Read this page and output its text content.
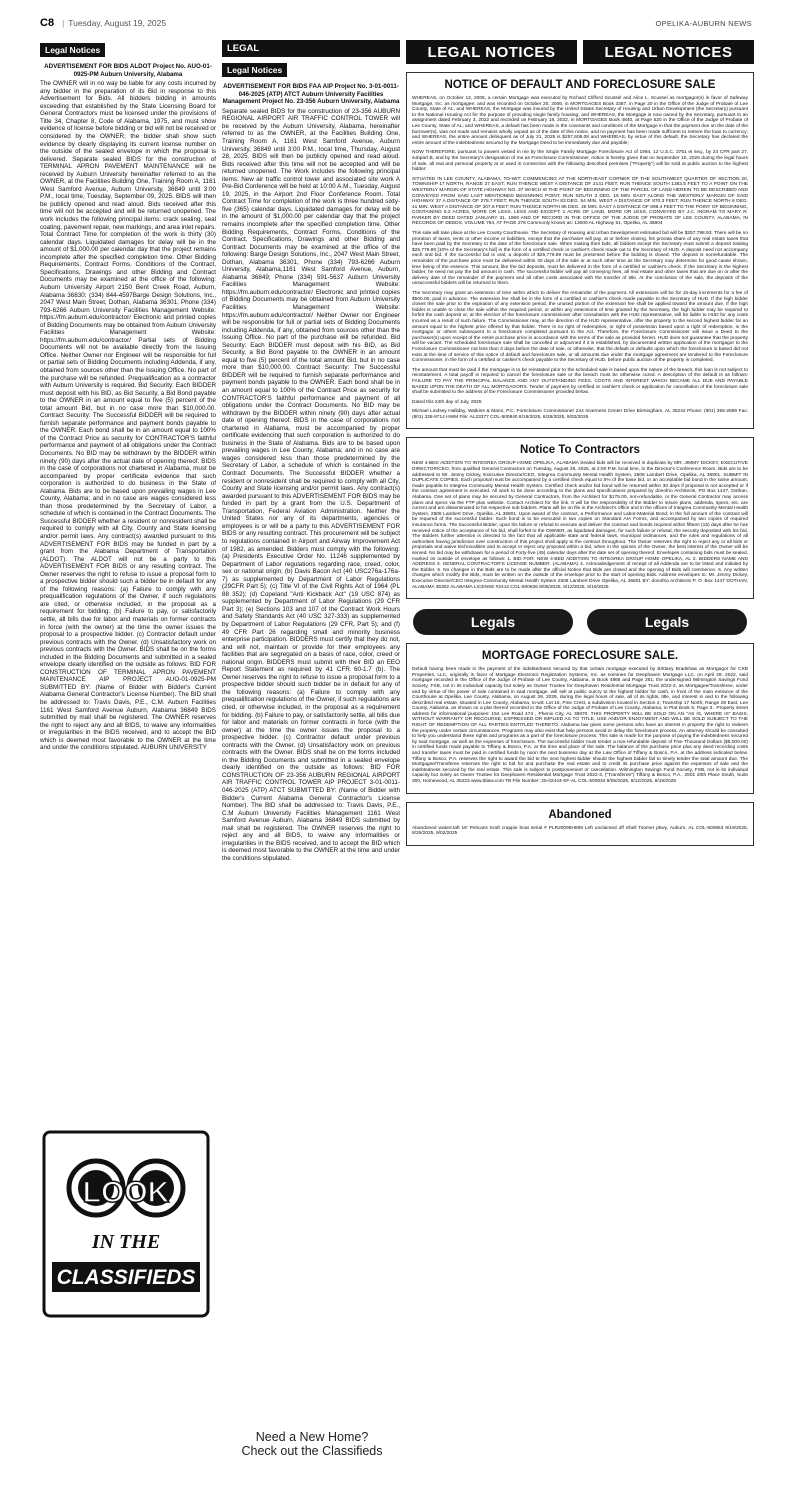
C8 | Tuesday, August 19, 2025	OPELIKA-AUBURN NEWS
Legal Notices
ADVERTISEMENT FOR BIDS ALDOT Project No. AUO-01-0925-PM Auburn University, Alabama
The OWNER will in no way be liable for any costs incurred by any bidder in the preparation of its Bid in response to this Advertisement for Bids. All bidders bidding in amounts exceeding that established by the State Licensing Board for General Contractors must be licensed under the provisions of Title 34, Chapter 8, Code of Alabama, 1975, and must show evidence of license before bidding or bid will not be received or considered by the OWNER; the bidder shall show such evidence by clearly displaying its current license number on the outside of the sealed envelope in which the proposal is delivered. Separate sealed BIDS for the construction of TERMINAL APRON PAVEMENT MAINTENANCE will be received by Auburn University hereinafter referred to as the OWNER, at the Facilities Building One, Training Room A, 1161 West Samford Avenue, Auburn University, 36849 until 3:00 P.M., local time, Tuesday, September 09, 2025. BIDS will then be publicly opened and read aloud. Bids received after this time will not be accepted and will be returned unopened. The work includes the following principal items: crack sealing, seal coating, pavement repair, new markings, and area inlet repairs. Total Contract Time for completion of the work is thirty (30) calendar days. Liquidated damages for delay will be in the amount of $1,000.00 per calendar day that the project remains incomplete after the specified completion time. Other Bidding Requirements, Contract Forms, Conditions of the Contract, Specifications, Drawings and other Bidding and Contract Documents may be examined at the office of the following: Auburn University Airport 2150 Bent Creek Road, Auburn, Alabama 36830; (334) 844-4597Barge Design Solutions, Inc., 2047 West Main Street, Dothan, Alabama 36301, Phone (334) 793-6266 Auburn University Facilities Management Website: https://fm.auburn.edu/contractor/ Electronic and printed copies of Bidding Documents may be obtained from Auburn University Facilities Management Website: https://fm.auburn.edu/contractor/ Partial sets of Bidding Documents will not be available directly from the Issuing Office. Neither Owner nor Engineer will be responsible for full or partial sets of Bidding Documents including Addenda, if any, obtained from sources other than the Issuing Office. No part of the purchase will be refunded. Prequalification as a contractor with Auburn University is required. Bid Security: Each BIDDER must deposit with his BID, as Bid Security, a Bid Bond payable to the OWNER in an amount equal to five (5) percent of the total amount Bid, but in no case more than $10,000.00. Contract Security: The Successful BIDDER will be required to furnish separate performance and payment bonds payable to the OWNER. Each bond shall be in an amount equal to 100% of the Contract Price as security for CONTRACTOR'S faithful performance and payment of all obligations under the Contract Documents. No BID may be withdrawn by the BIDDER within ninety (90) days after the actual date of opening thereof. BIDS in the case of corporations not chartered in Alabama, must be accompanied by proper certificate evidence that such corporation is authorized to do business in the State of Alabama. Bids are to be based upon prevailing wages in Lee County, Alabama; and in no case are wages considered less than those predetermined by the Secretary of Labor, a schedule of which is contained in the Contract Documents. The Successful BIDDER whether a resident or nonresident shall be required to comply with all City, County and State licensing and/or permit laws. Any contract(s) awarded pursuant to this ADVERTISEMENT FOR BIDS may be funded in part by a grant from the Alabama Department of Transportation (ALDOT). The ALDOT will not be a party to this ADVERTISEMENT FOR BIDS or any resulting contract. The Owner reserves the right to refuse to issue a proposal form to a prospective bidder should such a bidder be in default for any of the following reasons: (a) Failure to comply with any prequalification regulations of the Owner, if such regulations are cited, or otherwise included, in the proposal as a requirement for bidding. (b) Failure to pay, or satisfactorily settle, all bills due for labor and materials on former contracts in force (with the owner) at the time the owner issues the proposal to a prospective bidder. (c) Contractor default under previous contracts with the Owner. (d) Unsatisfactory work on previous contracts with the Owner. BIDS shall be on the forms included in the Bidding Documents and submitted in a sealed envelope clearly identified on the outside as follows: BID FOR CONSTRUCTION OF TERMINAL APRON PAVEMENT MAINTENANCE AIP PROJECT AUO-01-0925-PM SUBMITTED BY: (Name of Bidder with Bidder's Current Alabama General Contractor's License Number). The BID shall be addressed to: Travis Davis, P.E., C.M. Auburn Facilities 1161 West Samford Avenue Auburn, Alabama 36849 BIDS submitted by mail shall be registered. The OWNER reserves the right to reject any and all BIDS, to waive any informalities or irregularities in the BIDS received, and to accept the BID which is deemed most favorable to the OWNER at the time and under the conditions stipulated. AUBURN UNIVERSITY
LOOK
IN THE
CLASSIFIEDS
LEGAL
Legal Notices
ADVERTISEMENT FOR BIDS FAA AIP Project No. 3-01-0011-046-2025 (ATP) ATCT Auburn University Facilities Management Project No. 23-356 Auburn University, Alabama
Separate sealed BIDS for the construction of 23-356 AUBURN REGIONAL AIRPORT AIR TRAFFIC CONTROL TOWER will be received by the Auburn University, Alabama, hereinafter referred to as the OWNER, at the Facilities Building One, Training Room A, 1161 West Samford Avenue, Auburn University, 36849 until 3:00 P.M., local time, Thursday, August 28, 2025. BIDS will then be publicly opened and read aloud. Bids received after this time will not be accepted and will be returned unopened. The Work includes the following principal items: New air traffic control tower and associated site work A Pre-Bid Conference will be held at 10:00 A.M., Tuesday, August 19, 2025, in the Airport 2nd Floor Conference Room. Total Contract Time for completion of the work is three hundred sixty-five (365) calendar days. Liquidated damages for delay will be in the amount of $1,000.00 per calendar day that the project remains incomplete after the specified completion time. Other Bidding Requirements, Contract Forms, Conditions of the Contract, Specifications, Drawings and other Bidding and Contract Documents may be examined at the office of the following: Barge Design Solutions, Inc., 2047 West Main Street, Dothan, Alabama 36301, Phone (334) 793-6266 Auburn University, Alabama,1161 West Samford Avenue, Auburn, Alabama 36849; Phone (334) 591-5637 Auburn University Facilities Management Website: https://fm.auburn.edu/contractor/ Electronic and printed copies of Bidding Documents may be obtained from Auburn University Facilities Management Website: https://fm.auburn.edu/contractor/ Neither Owner nor Engineer will be responsible for full or partial sets of Bidding Documents including Addenda, if any, obtained from sources other than the Issuing Office. No part of the purchase will be refunded. Bid Security: Each BIDDER must deposit with his BID, as Bid Security, a Bid Bond payable to the OWNER in an amount equal to five (5) percent of the total amount Bid, but in no case more than $10,000.00. Contract Security: The Successful BIDDER will be required to furnish separate performance and payment bonds payable to the OWNER. Each bond shall be in an amount equal to 100% of the Contract Price as security for CONTRACTOR'S faithful performance and payment of all obligations under the Contract Documents. No BID may be withdrawn by the BIDDER within ninety (90) days after actual date of opening thereof. BIDS in the case of corporations not chartered in Alabama, must be accompanied by proper certificate evidencing that such corporation is authorized to do business in the State of Alabama. Bids are to be based upon prevailing wages in Lee County, Alabama; and in no case are wages considered less than those predetermined by the Secretary of Labor, a schedule of which is contained in the Contract Documents. The Successful BIDDER whether a resident or nonresident shall be required to comply with all City, County and State licensing and/or permit laws. Any contract(s) awarded pursuant to this ADVERTISEMENT FOR BIDS may be funded in part by a grant from the U.S. Department of Transportation, Federal Aviation Administration. Neither the United States nor any of its departments, agencies or employees is or will be a party to this ADVERTISEMENT FOR BIDS or any resulting contract. This procurement will be subject to regulations contained in Airport and Airway Improvement Act of 1982, as amended. Bidders must comply with the following: (a) Presidents Executive Order No. 11246 supplemented by Department of Labor regulations regarding race, creed, color, sex or national origin; (b) Davis Bacon Act (40 USC276a-176a-7) as supplemented by Department of Labor Regulations (29CFR Part 5); (c) Title VI of the Civil Rights Act of 1964 (PL 88 352); (d) Copeland "Anti Kickback Act" (19 USC 874) as supplemented by Department of Labor Regulations (29 CFR Part 3); (e) Sections 103 and 107 of the Contract Work Hours and Safety Standards Act (40 USC 327-333) as supplemented by Department of Labor Regulations (29 CFR, Part 5); and (f) 49 CFR Part 26 regarding small and minority business enterprise participation. BIDDERS must certify that they do not, and will not, maintain or provide for their employees any facilities that are segregated on a basis of race, color, creed or national origin. BIDDERS must submit with their BID an EEO Report Statement as required by 41 CFR 60-1.7 (b). The Owner reserves the right to refuse to issue a proposal form to a prospective bidder should such bidder be in default for any of the following reasons: (a) Failure to comply with any prequalification regulations of the Owner, if such regulations are cited, or otherwise included, in the proposal as a requirement for bidding. (b) Failure to pay, or satisfactorily settle, all bills due for labor and materials on former contracts in force (with the owner) at the time the owner issues the proposal to a prospective bidder. (c) Contractor default under previous contracts with the Owner. (d) Unsatisfactory work on previous contracts with the Owner. BIDS shall be on the forms included in the Bidding Documents and submitted in a sealed envelope clearly identified on the outside as follows: BID FOR CONSTRUCTION OF 23-356 AUBURN REGIONAL AIRPORT AIR TRAFFIC CONTROL TOWER AIP PROJECT 3-01-0011-046-2025 (ATP) ATCT SUBMITTED BY: (Name of Bidder with Bidder's Current Alabama General Contractor's License Number). The BID shall be addressed to: Travis Davis, P.E., C.M Auburn University Facilities Management 1161 West Samford Avenue Auburn, Alabama 36849 BIDS submitted by mail shall be registered. The OWNER reserves the right to reject any and all BIDS, to waive any informalities or irregularities in the BIDS received, and to accept the BID which is deemed most favorable to the OWNER at the time and under the conditions stipulated.
Need a New Home?
Check out the Classifieds
LEGAL NOTICES	LEGAL NOTICES
NOTICE OF DEFAULT AND FORECLOSURE SALE

WHEREAS, on October 12, 2006, a certain Mortgage was executed by Richard Clifford Scussel and Alice L. Scussel as mortgagor(s) in favor of Safeway Mortgage, Inc. as mortgagee; and was recorded on October 20, 2006, in MORTGAGES Book 3387, in Page 20 in the Office of the Judge of Probate of Lee County, State of AL; and WHEREAS, the Mortgage was insured by the United States Secretary of Housing and Urban Development (the Secretary) pursuant to the National Housing Act for the purpose of providing single family housing; and WHEREAS, the Mortgage is now owned by the Secretary, pursuant to an assignment dated February 3, 2022 and recorded on February 18, 2022, in MORTGAGES Book 4840, at Page 520 in the Office of the Judge of Probate of Lee County, State of AL; and WHEREAS, a default has been made in the covenants and conditions of the Mortgage in that the payment due on the date of the borrower(s), was not made and remains wholly unpaid as of the date of this notice, and no payment has been made sufficient to restore the loan to currency; and WHEREAS, the entire amount delinquent as of July 21, 2025 is $257,608.08 and WHEREAS, by virtue of this default, the Secretary has declared the entire amount of the indebtedness secured by the Mortgage Deed to be immediately due and payable;

NOW THEREFORE, pursuant to powers vested in me by the Single Family Mortgage Foreclosure Act of 1994, 12 U.S.C. 3751 et seq., by 24 CFR part 27, subpart B, and by the Secretary's designation of me as Foreclosure Commissioner, notice is hereby given that on September 10, 2025 during the legal hours of sale, all real and personal property at or used in connection with the following described premises ("Property") will be sold at public auction to the highest bidder:

SITUATED IN LEE COUNTY, ALABAMA, TO-WIT: COMMENCING AT THE NORTHEAST CORNER OF THE SOUTHWEST QUARTER OF SECTION 20, TOWNSHIP 17 NORTH, RANGE 27 EAST; RUN THENCE WEST A DISTANCE OF 2141 FEET; RUN THENCE SOUTH 1383.5 FEET TO A POINT ON THE WESTERLY MARGIN OF STATE HIGHWAY NO. 37 WHICH IS THE POINT OF BEGINNING OF THE PARCEL OF LAND HEREIN TO BE DESCRIBED AND CONVEYED FROM SAID LAST MENTIONED BEGINNING POINT, RUN SOUTH 3 DEG. 15 MIN. EAST ALONG THE WESTERLY MARGIN OF SAID HIGHWAY 37 A DISTANCE OF 278.7 FEET; RUN THENCE SOUTH 83 DEG. 54 MIN. WEST A DISTANCE OF 870.3 FEET; RUN THENCE NORTH 8 DEG. 41 MIN. WEST A DISTANCE OF 307.6 FEET; RUN THENCE NORTH 85 DEG. 45 MIN. EAST A DISTANCE OF 898.4 FEET TO THE POINT OF BEGINNING, CONTAINING 5.2 ACRES, MORE OR LESS. LESS AND EXCEPT: 1 ACRE OF LAND, MORE OR LESS, CONVEYED BY J.C. INGRAM TO MARY R. PARKER BY DEED DATED JANUARY 31, 1969 AND OF RECORD IN THE OFFICE OF THE JUDGE OF PROBATE OF LEE COUNTY, ALABAMA, IN RECORDS OF DEEDS, VOLUME 764, AT PAGE 276 Commonly known as: 13000 AL Highway 51, Opelika, AL 36804

This sale will take place at the Lee County Courthouse. The Secretary of Housing and Urban Development estimated bid will be $257,798.93. There will be no proration of taxes, rents or other income or liabilities, except that the purchaser will pay, at or before closing, his prorata share of any real estate taxes that have been paid by the Secretary to the date of the foreclosure sale. When making their bids, all bidders except the Secretary must submit a deposit totaling $25,779.89 [10% of the Secretary's bid] in the form of a certified check or cashier's check made out to the Secretary of HUD. A deposit need not accompany each oral bid. If the successful bid is oral, a deposit of $25,779.89 must be presented before the bidding is closed. The deposit is nonrefundable. The remainder of the purchase price must be delivered within 30 days of the sale or at such other time as the Secretary may determine for good cause shown, time being of the essence. This amount, like the bid deposits, must be delivered in the form of a certified or cashier's check. If the Secretary is the highest bidder, he need not pay the bid amount in cash. The successful bidder will pay all conveying fees, all real estate and other taxes that are due on or after the delivery date of the remainder of the payment and all other costs associated with the transfer of title. At the conclusion of the sale, the deposits of the unsuccessful bidders will be returned to them.

The Secretary may grant an extension of time within which to deliver the remainder of the payment. All extensions will be for 15-day increments for a fee of $500.00, paid in advance. The extension fee shall be in the form of a certified or cashier's check made payable to the Secretary of HUD. If the high bidder closes the sale prior to the expiration of any extension period, the unused portion of the extension fee shall be applied toward the amount due. If the high bidder is unable to close the sale within the required period, or within any extensions of time granted by the Secretary, the high bidder may be required to forfeit the cash deposit or, at the election of the foreclosure commissioner after consultation with the HUD representative, will be liable to HUD for any costs incurred as a result of such failure. The Commissioner may, at the direction of the HUD representative, offer the property to the second highest bidder for an amount equal to the highest price offered by that bidder. There is no right of redemption, or right of possession based upon a right of redemption, in the mortgagor or others subsequent to a foreclosure completed pursuant to the Act. Therefore, the Foreclosure Commissioner will issue a Deed to the purchaser(s) upon receipt of the entire purchase price in accordance with the terms of the sale as provided herein. HUD does not guarantee that the property will be vacant. The scheduled foreclosure sale shall be cancelled or adjourned if it is established, by documented written application of the mortgagor to the Foreclosure Commissioner not less than 3 days before the date of sale, or otherwise, that the default or defaults upon which the foreclosure is based did not exist at the time of service of this notice of default and foreclosure sale, or all amounts due under the mortgage agreement are tendered to the Foreclosure Commissioner, in the form of a certified or cashier's check payable to the Secretary of HUD, before public auction of the property is completed.

The amount that must be paid if the mortgage is to be reinstated prior to the scheduled sale is based upon the nature of the breach, this loan is not subject to reinstatement. A total payoff is required to cancel the foreclosure sale or the breach must be otherwise cured. A description of the default is as follows: FAILURE TO PAY THE PRINCIPAL BALANCE AND ANY OUTSTANDING FEES, COSTS AND INTEREST WHICH BECAME ALL DUE AND PAYABLE BASED UPON THE DEATH OF ALL MORTGAGORS. Tender of payment by certified or cashier's check or application for cancellation of the foreclosure sale shall be submitted to the address of the Foreclosure Commissioner provided below.

Dated this 24th day of July, 2025

Michael Lindsey Halliday, Watkins & Mann, P.C. Foreclosure Commissioner 244 Inverness Center Drive Birmingham, AL 35242 Phone: (801) 355-2886 Fax: (801) 328-9714 HWM File: AL23377 COL-500840 8/19/2025, 8/26/2025, 9/02/2025

Notice To Contractors

NEW 4-BED ADDITION TO INTEGREA GROUP HOME OPELIKA, ALABAMA Sealed bids will be received in duplicate by MR. JIMMY DICKEY, EXECUTIVE DIRECTOR/CEO, from qualified General Contractors on Tuesday, August 26, 2025, at 2:00 P.M. local time, in the Director's Conference Room. Bids are to be addressed to Mr. Jimmy Dickey, Executive Director/CEO, Integrea Community Mental Health System, 2506 Lambert Drive, Opelika, AL 36801. SUBMIT IN DUPLICATE COPIES. Each proposal must be accompanied by a certified check equal to 5% of the base bid, or an acceptable bid bond in the same amount, made payable to Integrea Community Mental Health System. Certified check and/or bid bond will be returned within 30 days if proposal is not accepted or if the contract agreement is executed. All work to be done according to the plans and specifications prepared by donofrio Architects, PO Box 1447, Dothan, Alabama. One set of plans may be secured by General Contractors, from the Architect for $175.00, non-refundable, or the General Contractor may access plans and specs via the FTP plan website. Contact Architect for the link. It will be the responsibility of the Bidder to insure plans, addenda, specs, etc. are current and are disseminated to his respective sub bidders. Plans will be on file in the Architect's office and in the offices of Integrea Community Mental Health System, 2506 Lambert Drive, Opelika, AL 36801. Upon award of the contract, a Performance and Labor-Material Bond, in the full amount of the contract will be required of the successful bidder. Such bond is to be executed in two copies on Standard AIA Forms, and accompanied by two copies of required insurance forms. The Successful Bidder, upon his failure or refusal to execute and deliver the contract and bonds required within fifteen (15) days after he has received notice of the acceptance of his bid, shall forfeit to the OWNER, as liquidated damages, for such failure or refusal, the security deposited with his bid. The Bidders further attention is directed to the fact that all applicable state and federal laws, municipal ordinances, and the rules and regulations of all authorities having jurisdiction over construction of this project shall apply to the contract throughout. The Owner reserves the right to reject any or all bids or proposals and waive technicalities and to accept or reject any proposal within a bid, when in the opinion of the Owner, the best interest of the Owner will be served. No bid may be withdrawn for a period of Forty-five (45) calendar days after the date set of opening thereof. Envelopes containing bids must be sealed, marked on outside of envelope as follows: 1. BID FOR: NEW 4-BED ADDITION TO INTEGREA GROUP HOME OPELIKA, AL 2. BIDDERS NAME AND ADDRESS 3. GENERAL CONTRACTOR'S LICENSE NUMBER. (ALABAMA) 4. Acknowledgement of receipt of all Addenda are to be listed and initialed by the Bidder. 5. No changes in the Bids are to be made after the official Notice that Bids are closed and the opening of Bids will commence. 6. Any written changes which modify the Bids, must be written on the outside of the envelope prior to the start of opening Bids. Address envelopes to: Mr. Jimmy Dickey, Executive Director/CEO Integrea Community Mental Health System 2506 Lambert Drive Opelika, AL 36801 BY: donofrio Architects P. O. Box 1447 DOTHAN, ALABAMA 36302 ALABAMA LICENSE #2412 COL-500836 8/05/2025, 8/12/2025, 8/19/2025

Legals	Legals
MORTGAGE FORECLOSURE SALE.

Default having been made in the payment of the indebtedness secured by that certain mortgage executed by Brittany Bradshaw as Mortgagor for CKB Properties, LLC, originally in favor of Mortgage Electronic Registration Systems, Inc. as nominee for Deephaven Mortgage LLC, on April 29, 2022, said mortgage recorded in the Office of the Judge of Probate of Lee County, Alabama, in Book 4866 and Page 261; the undersigned Wilmington Savings Fund Society, FSB, not in its individual capacity but solely as Owner Trustee for Deephaven Residential Mortgage Trust 2022-3, as Mortgagee/Transferee, under and by virtue of the power of sale contained in said mortgage, will sell at public outcry to the highest bidder for cash, in front of the main entrance of the Courthouse at Opelika, Lee County, Alabama, on August 28, 2025, during the legal hours of sale, all of its rights, title, and interest in and to the following described real estate, situated in Lee County, Alabama, to-wit: Lot 16, Pine Crest, a subdivision located in Section 2, Township 17 North, Range 29 East, Lee County, Alabama, as shown on a plat thereof recorded in the Office of the Judge of Probate of Lee County, Alabama, in Plat Book 8, Page 3.. Property street address for informational purposes: 154 Lee Road 474 , Phenix City, AL 36870. THIS PROPERTY WILL BE SOLD ON AN "AS IS, WHERE IS" BASIS, WITHOUT WARRANTY OR RECOURSE, EXPRESSED OR IMPLIED AS TO TITLE, USE AND/OR ENJOYMENT AND WILL BE SOLD SUBJECT TO THE RIGHT OF REDEMPTION OF ALL PARTIES ENTITLED THERETO. Alabama law gives some persons who have an interest in property the right to redeem the property under certain circumstances. Programs may also exist that help persons avoid or delay the foreclosure process. An attorney should be consulted to help you understand these rights and programs as a part of the foreclosure process. This sale is made for the purpose of paying the indebtedness secured by said mortgage, as well as the expenses of foreclosure. The successful bidder must tender a non-refundable deposit of Five Thousand Dollars ($5,000.00) in certified funds made payable to Tiffany & Bosco, P.A. at the time and place of the sale. The balance of the purchase price plus any deed recording costs and transfer taxes must be paid in certified funds by noon the next business day at the Law Office of Tiffany & Bosco, P.A. at the address indicated below. Tiffany & Bosco, P.A. reserves the right to award the bid to the next highest bidder should the highest bidder fail to timely tender the total amount due. The Mortgagee/Transferee reserves the right to bid for and purchase the real estate and to credit its purchase price against the expenses of sale and the indebtedness secured by the real estate. This sale is subject to postponement or cancellation. Wilmington Savings Fund Society, FSB, not in its individual capacity but solely as Owner Trustee for Deephaven Residential Mortgage Trust 2022-3, ("Transferee") Tiffany & Bosco, P.A., 2501 20th Place South, Suite 300, Homewood, AL 35223 www.tblaw.com TB File Number: 25-02443-SF-AL COL-500834 8/05/2025, 8/12/2025, 8/19/2025

Abandoned

Abandoned watercraft 16' Pelicans Kraft crappie boat serial # PLR20098H899 Left unclaimed off Shell Toomer pkwy, Auburn, AL COL-500853 8/19/2025, 8/26/2025, 9/02/2025
